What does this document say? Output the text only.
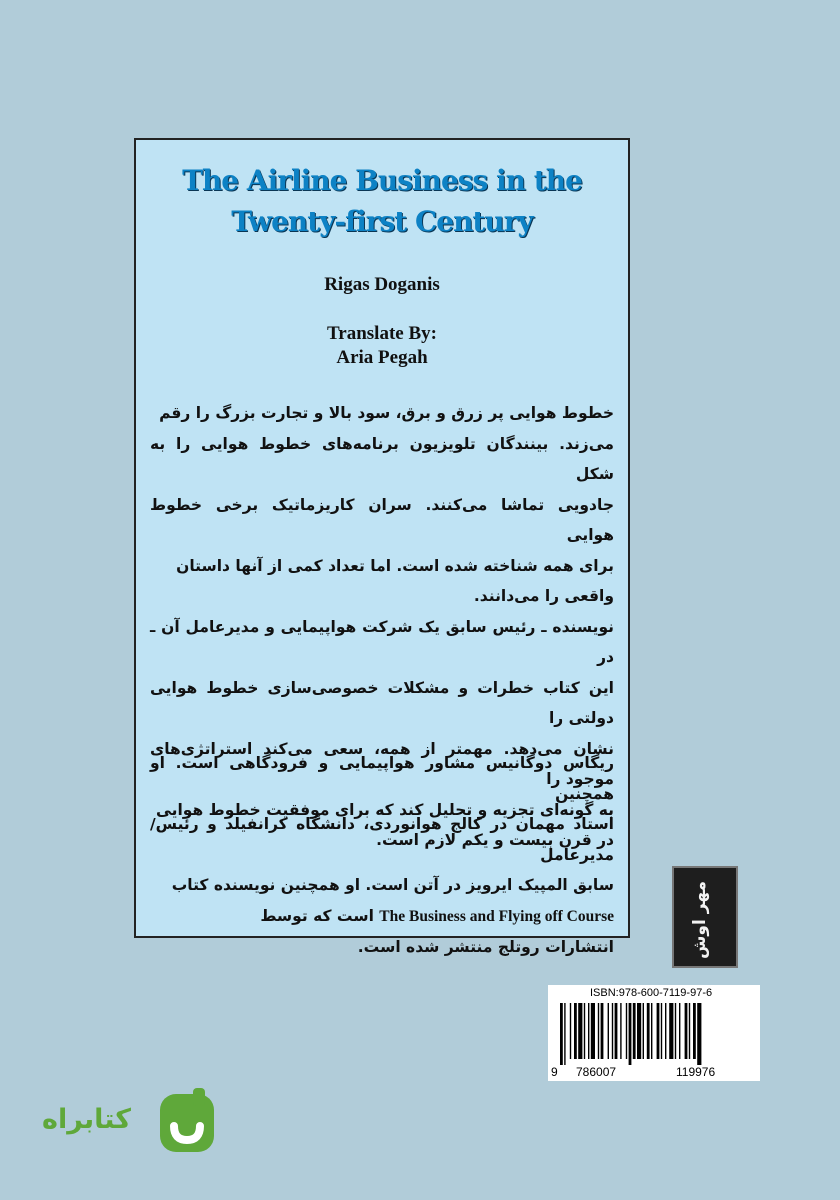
The Airline Business in the
Twenty-first Century
Rigas Doganis
Translate By:
Aria Pegah
خطوط هوایی پر زرق و برق، سود بالا و تجارت بزرگ را رقم
می‌زند. بینندگان تلویزیون برنامه‌های خطوط هوایی را به شکل
جادویی تماشا می‌کنند. سران کاریزماتیک برخی خطوط هوایی
برای همه شناخته شده است. اما تعداد کمی از آنها داستان
واقعی را می‌دانند.
نویسنده ـ رئیس سابق یک شرکت هواپیمایی و مدیرعامل آن ـ در
این کتاب خطرات و مشکلات خصوصی‌سازی خطوط هوایی دولتی را
نشان می‌دهد. مهمتر از همه، سعی می‌کند استراتژی‌های موجود را
به گونه‌ای تجزیه و تحلیل کند که برای موفقیت خطوط هوایی
در قرن بیست و یکم لازم است.
ریگاس دوگانیس مشاور هواپیمایی و فرودگاهی است. او همچنین
استاد مهمان در کالج هوانوردی، دانشگاه کرانفیلد و رئیس/مدیرعامل
سابق المپیک ایرویز در آتن است. او همچنین نویسنده کتاب
The Business and Flying off Course است که توسط
انتشارات روتلج منتشر شده است.	مهر اوش
ISBN:978-600-7119-97-6
9 786007	119976
کتابراه
